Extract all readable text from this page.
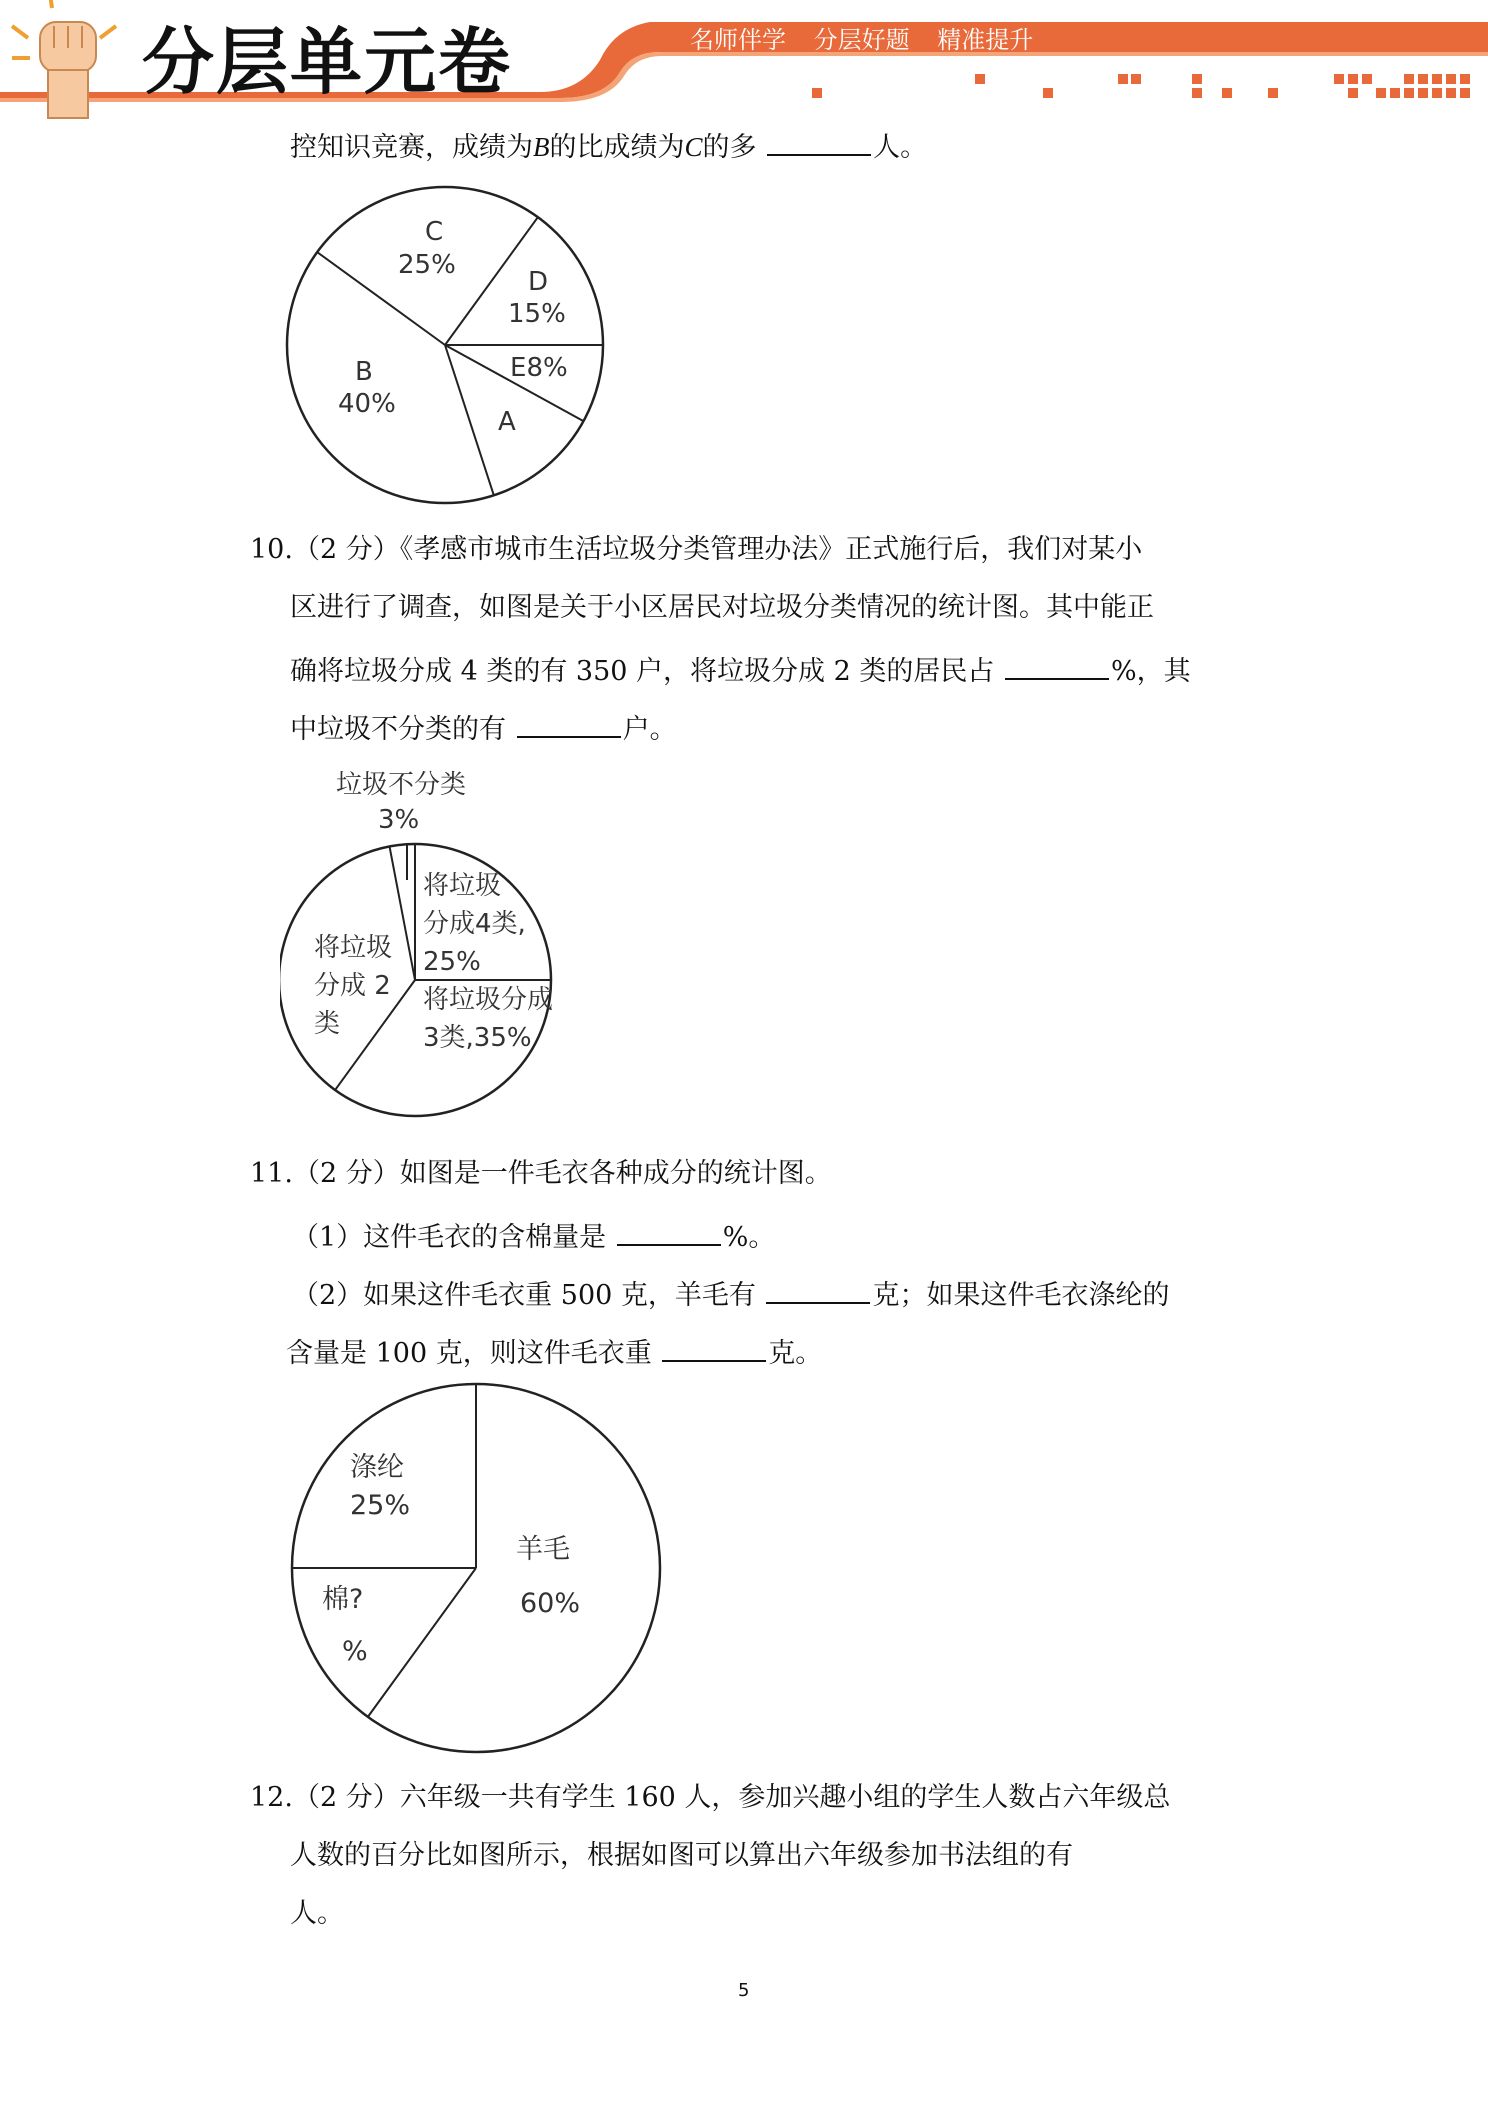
分层单元卷	名师伴学 分层好题 精准提升
控知识竞赛，成绩为B的比成绩为C的多	人。
C
25%
D
15%
E8%
A
B
40%
10.（2 分）《孝感市城市生活垃圾分类管理办法》正式施行后，我们对某小
区进行了调查，如图是关于小区居民对垃圾分类情况的统计图。其中能正
确将垃圾分成 4 类的有 350 户，将垃圾分成 2 类的居民占	%，其
中垃圾不分类的有	户。
垃圾不分类
3%
将垃圾
分成4类,
25%
将垃圾分成
3类,35%
将垃圾
分成 2
类
11.（2 分）如图是一件毛衣各种成分的统计图。
（1）这件毛衣的含棉量是	%。
（2）如果这件毛衣重 500 克，羊毛有	克；如果这件毛衣涤纶的
含量是 100 克，则这件毛衣重	克。
羊毛
60%
棉?
%
涤纶
25%
12.（2 分）六年级一共有学生 160 人，参加兴趣小组的学生人数占六年级总
人数的百分比如图所示，根据如图可以算出六年级参加书法组的有
人。
5
